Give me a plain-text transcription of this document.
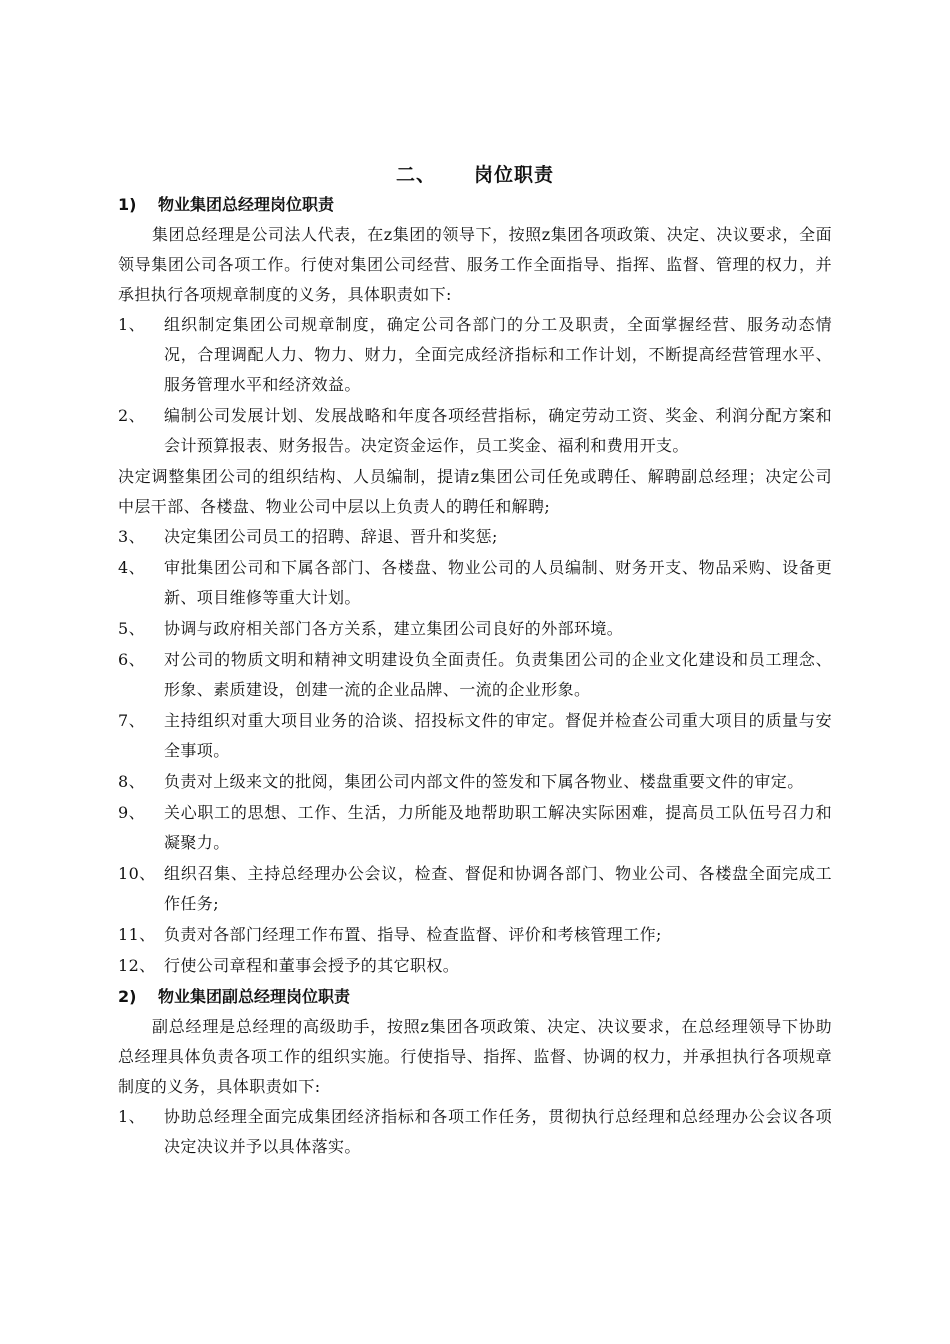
二、 岗位职责
1) 物业集团总经理岗位职责
集团总经理是公司法人代表，在z集团的领导下，按照z集团各项政策、决定、决议要求，全面领导集团公司各项工作。行使对集团公司经营、服务工作全面指导、指挥、监督、管理的权力，并承担执行各项规章制度的义务，具体职责如下:
1、 组织制定集团公司规章制度，确定公司各部门的分工及职责，全面掌握经营、服务动态情况，合理调配人力、物力、财力，全面完成经济指标和工作计划，不断提高经营管理水平、服务管理水平和经济效益。
2、 编制公司发展计划、发展战略和年度各项经营指标，确定劳动工资、奖金、利润分配方案和会计预算报表、财务报告。决定资金运作，员工奖金、福利和费用开支。
决定调整集团公司的组织结构、人员编制，提请z集团公司任免或聘任、解聘副总经理；决定公司中层干部、各楼盘、物业公司中层以上负责人的聘任和解聘;
3、 决定集团公司员工的招聘、辞退、晋升和奖惩;
4、 审批集团公司和下属各部门、各楼盘、物业公司的人员编制、财务开支、物品采购、设备更新、项目维修等重大计划。
5、 协调与政府相关部门各方关系，建立集团公司良好的外部环境。
6、 对公司的物质文明和精神文明建设负全面责任。负责集团公司的企业文化建设和员工理念、形象、素质建设，创建一流的企业品牌、一流的企业形象。
7、 主持组织对重大项目业务的洽谈、招投标文件的审定。督促并检查公司重大项目的质量与安全事项。
8、 负责对上级来文的批阅，集团公司内部文件的签发和下属各物业、楼盘重要文件的审定。
9、 关心职工的思想、工作、生活，力所能及地帮助职工解决实际困难，提高员工队伍号召力和凝聚力。
10、 组织召集、主持总经理办公会议，检查、督促和协调各部门、物业公司、各楼盘全面完成工作任务;
11、 负责对各部门经理工作布置、指导、检查监督、评价和考核管理工作;
12、 行使公司章程和董事会授予的其它职权。
2) 物业集团副总经理岗位职责
副总经理是总经理的高级助手，按照z集团各项政策、决定、决议要求，在总经理领导下协助总经理具体负责各项工作的组织实施。行使指导、指挥、监督、协调的权力，并承担执行各项规章制度的义务，具体职责如下:
1、 协助总经理全面完成集团经济指标和各项工作任务，贯彻执行总经理和总经理办公会议各项决定决议并予以具体落实。
